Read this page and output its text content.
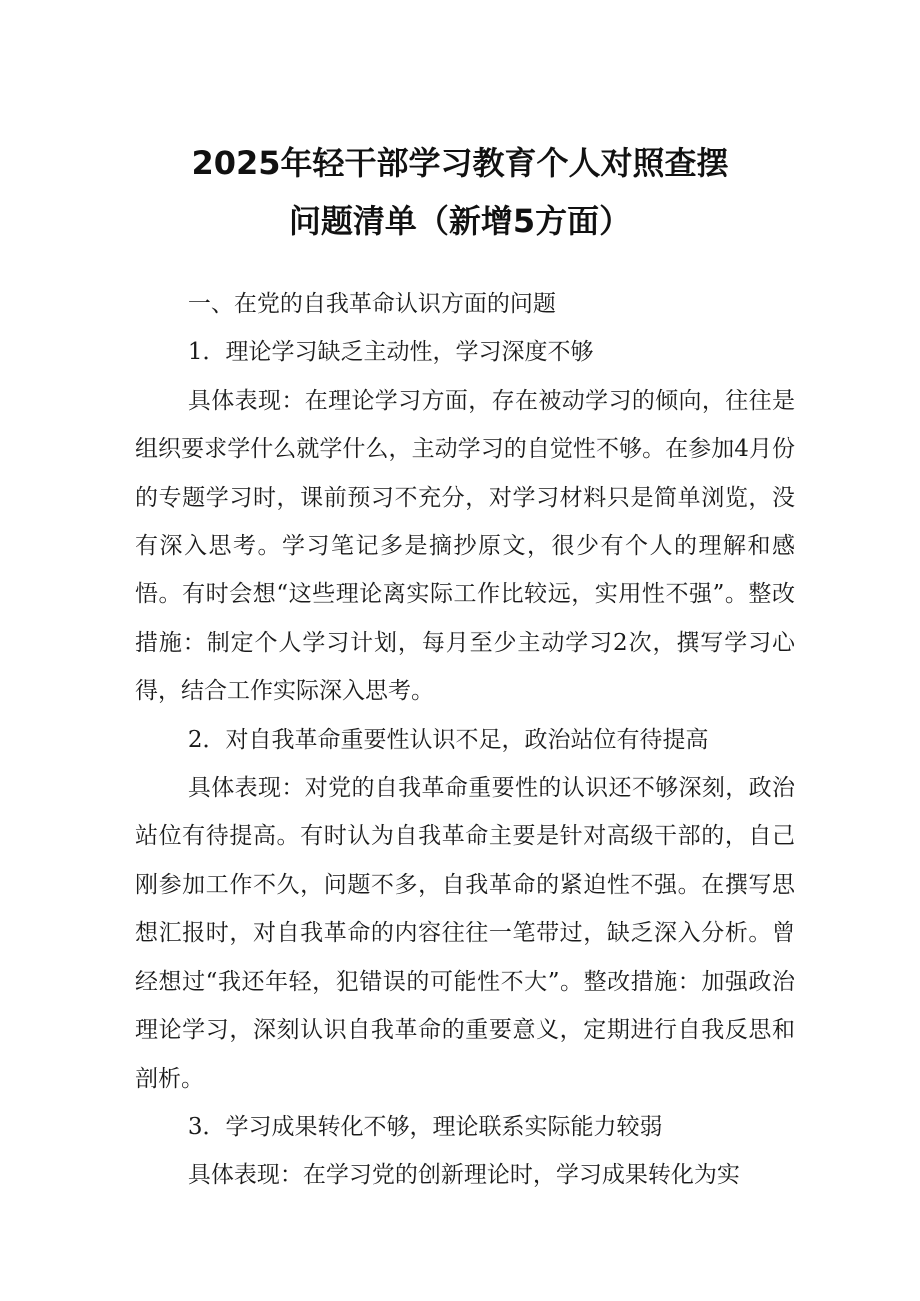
2025年轻干部学习教育个人对照查摆
问题清单（新增5方面）

一、在党的自我革命认识方面的问题

1．理论学习缺乏主动性，学习深度不够

具体表现：在理论学习方面，存在被动学习的倾向，往往是组织要求学什么就学什么，主动学习的自觉性不够。在参加4月份的专题学习时，课前预习不充分，对学习材料只是简单浏览，没有深入思考。学习笔记多是摘抄原文，很少有个人的理解和感悟。有时会想“这些理论离实际工作比较远，实用性不强”。整改措施：制定个人学习计划，每月至少主动学习2次，撰写学习心得，结合工作实际深入思考。

2．对自我革命重要性认识不足，政治站位有待提高

具体表现：对党的自我革命重要性的认识还不够深刻，政治站位有待提高。有时认为自我革命主要是针对高级干部的，自己刚参加工作不久，问题不多，自我革命的紧迫性不强。在撰写思想汇报时，对自我革命的内容往往一笔带过，缺乏深入分析。曾经想过“我还年轻，犯错误的可能性不大”。整改措施：加强政治理论学习，深刻认识自我革命的重要意义，定期进行自我反思和剖析。

3．学习成果转化不够，理论联系实际能力较弱

具体表现：在学习党的创新理论时，学习成果转化为实
